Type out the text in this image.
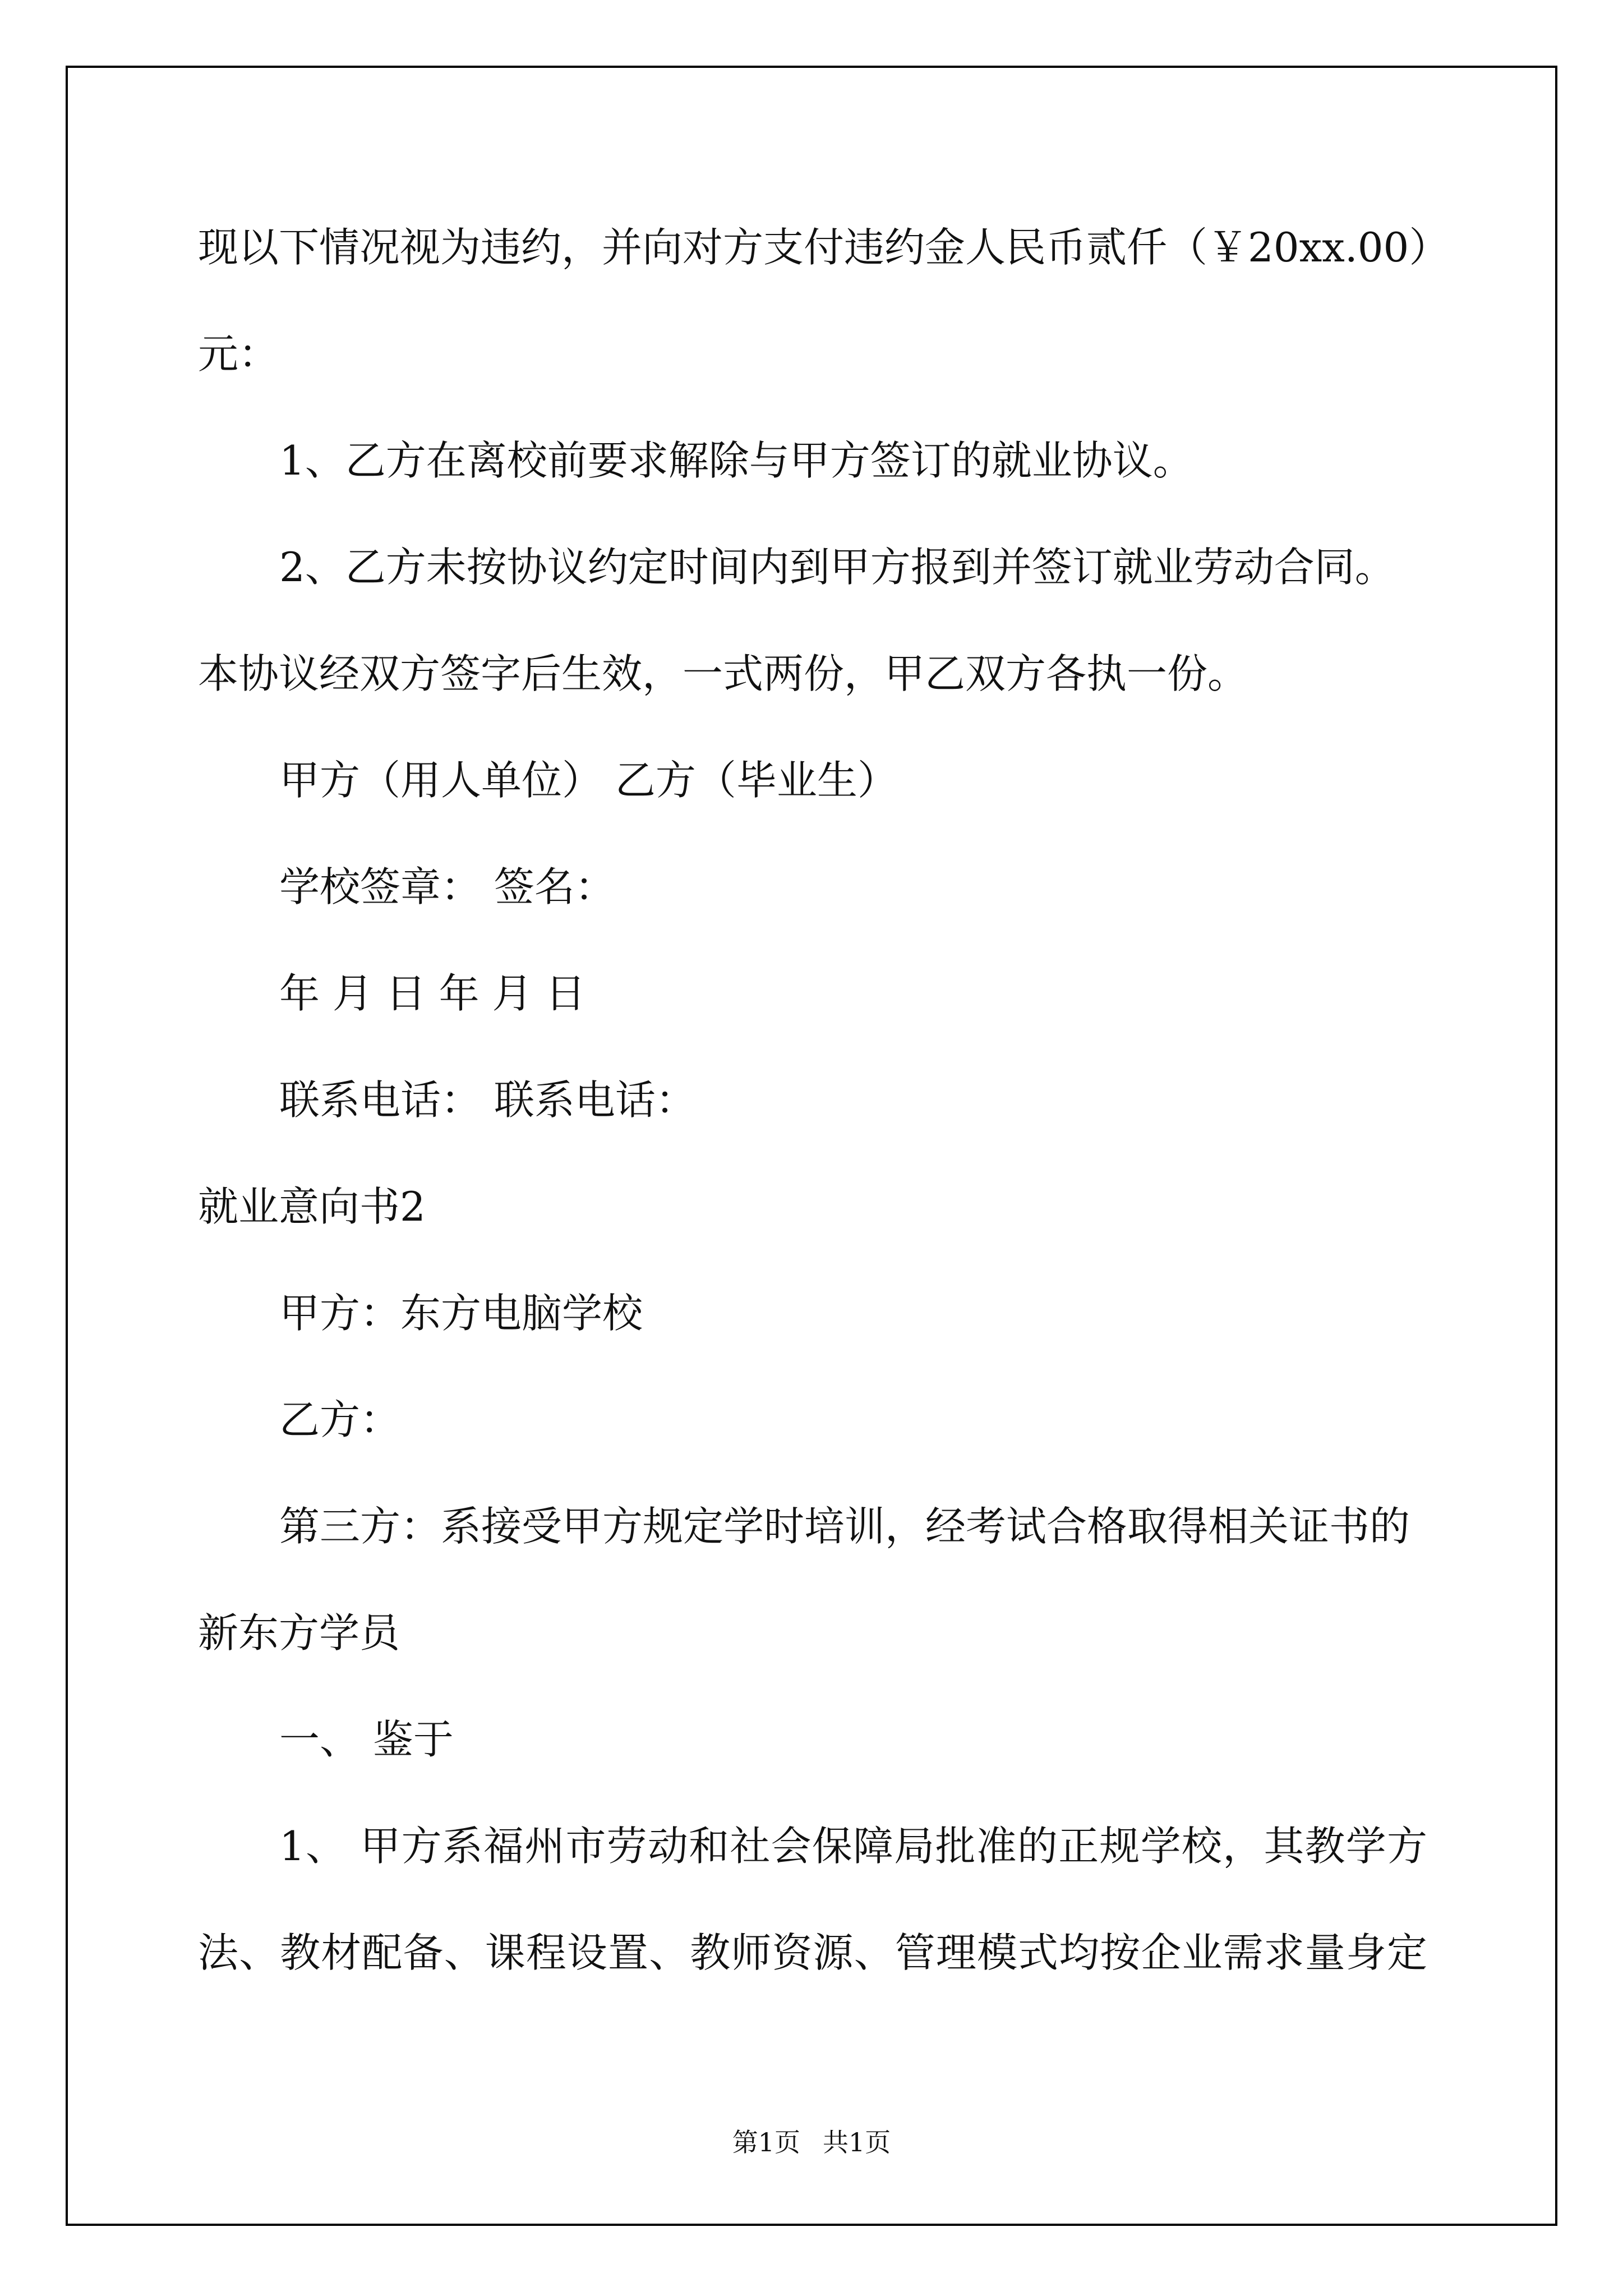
现以下情况视为违约，并向对方支付违约金人民币贰仟（￥20xx.00）
元：
1、乙方在离校前要求解除与甲方签订的就业协议。
2、乙方未按协议约定时间内到甲方报到并签订就业劳动合同。
本协议经双方签字后生效，一式两份，甲乙双方各执一份。
甲方（用人单位） 乙方（毕业生）
学校签章： 签名：
年 月 日 年 月 日
联系电话： 联系电话：
就业意向书2
甲方：东方电脑学校
乙方：
第三方：系接受甲方规定学时培训，经考试合格取得相关证书的
新东方学员
一、 鉴于
1、 甲方系福州市劳动和社会保障局批准的正规学校，其教学方
法、教材配备、课程设置、教师资源、管理模式均按企业需求量身定
第1页 共1页
